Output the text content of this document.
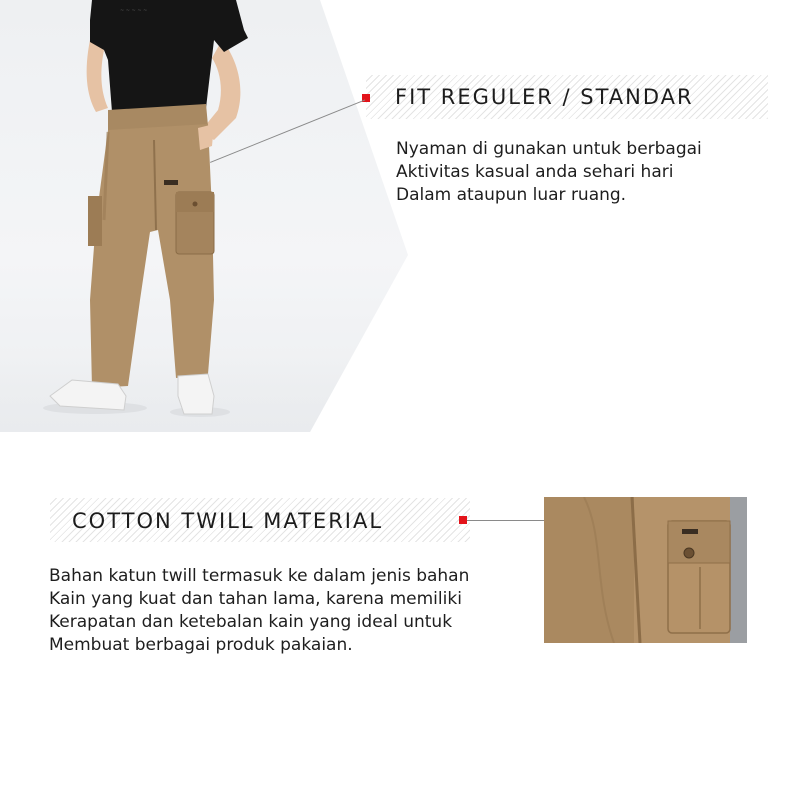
~ ~ ~ ~ ~
FIT REGULER / STANDAR
Nyaman di gunakan untuk berbagai
Aktivitas kasual anda sehari hari
Dalam ataupun luar ruang.
COTTON TWILL MATERIAL
Bahan katun twill termasuk ke dalam jenis bahan
Kain yang kuat dan tahan lama, karena memiliki
Kerapatan dan ketebalan kain yang ideal untuk
Membuat berbagai produk pakaian.
